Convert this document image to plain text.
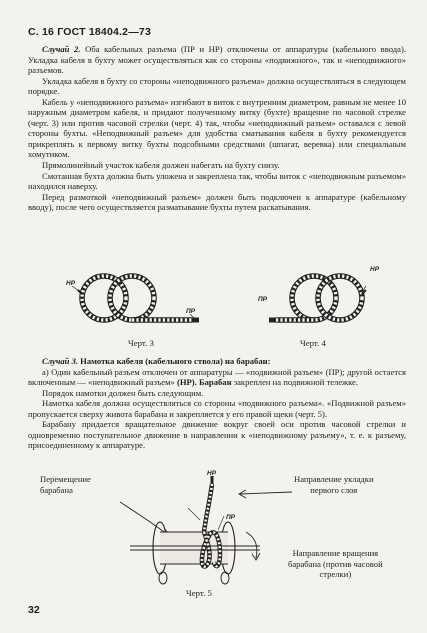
С. 16 ГОСТ 18404.2—73

Случай 2. Оба кабельных разъема (ПР и НР) отключены от аппаратуры (кабельного ввода). Укладка кабеля в бухту может осуществляться как со стороны «подвижного», так и «неподвижного» разъемов.

Укладка кабеля в бухту со стороны «неподвижного разъема» должна осуществляться в следующем порядке.

Кабель у «неподвижного разъема» изгибают в виток с внутренним диаметром, равным не менее 10 наружным диаметром кабеля, и придают полученному витку (бухте) вращение по часовой стрелке (черт. 3) или против часовой стрелки (черт. 4) так, чтобы «неподвижный разъем» оставался с левой стороны бухты. «Неподвижный разъем» для удобства сматывания кабеля в бухту рекомендуется прикреплять к первому витку бухты подсобными средствами (шпагат, веревка) или специальным хомутиком.

Прямолинейный участок кабеля должен набегать на бухту снизу.

Смотанная бухта должна быть уложена и закреплена так, чтобы виток с «неподвижным разъемом» находился наверху.

Перед размоткой «неподвижный разъем» должен быть подключен к аппаратуре (кабельному вводу), после чего осуществляется разматывание бухты путем раскатывания.

НР
ПР
НР
ПР
Черт. 3	Черт. 4

Случай 3. Намотка кабеля (кабельного ствола) на барабан:

а) Один кабельный разъем отключен от аппаратуры — «подвижной разъем» (ПР); другой остается включенным — «неподвижный разъем» (НР). Барабан закреплен на подвижной тележке.

Порядок намотки должен быть следующим.

Намотка кабеля должна осуществляться со стороны «подвижного разъема». «Подвижной разъем» пропускается сверху живота барабана и закрепляется у его правой щеки (черт. 5).

Барабану придается вращательное движение вокруг своей оси против часовой стрелки и одновременно поступательное движение в направлении к «неподвижному разъему», т. е. к разъему, присоединенному к аппаратуре.

Перемещение
барабана
Направление укладки
первого слоя
Направление вращения
барабана (против часовой
стрелки)
НР
ПР
Черт. 5
32
